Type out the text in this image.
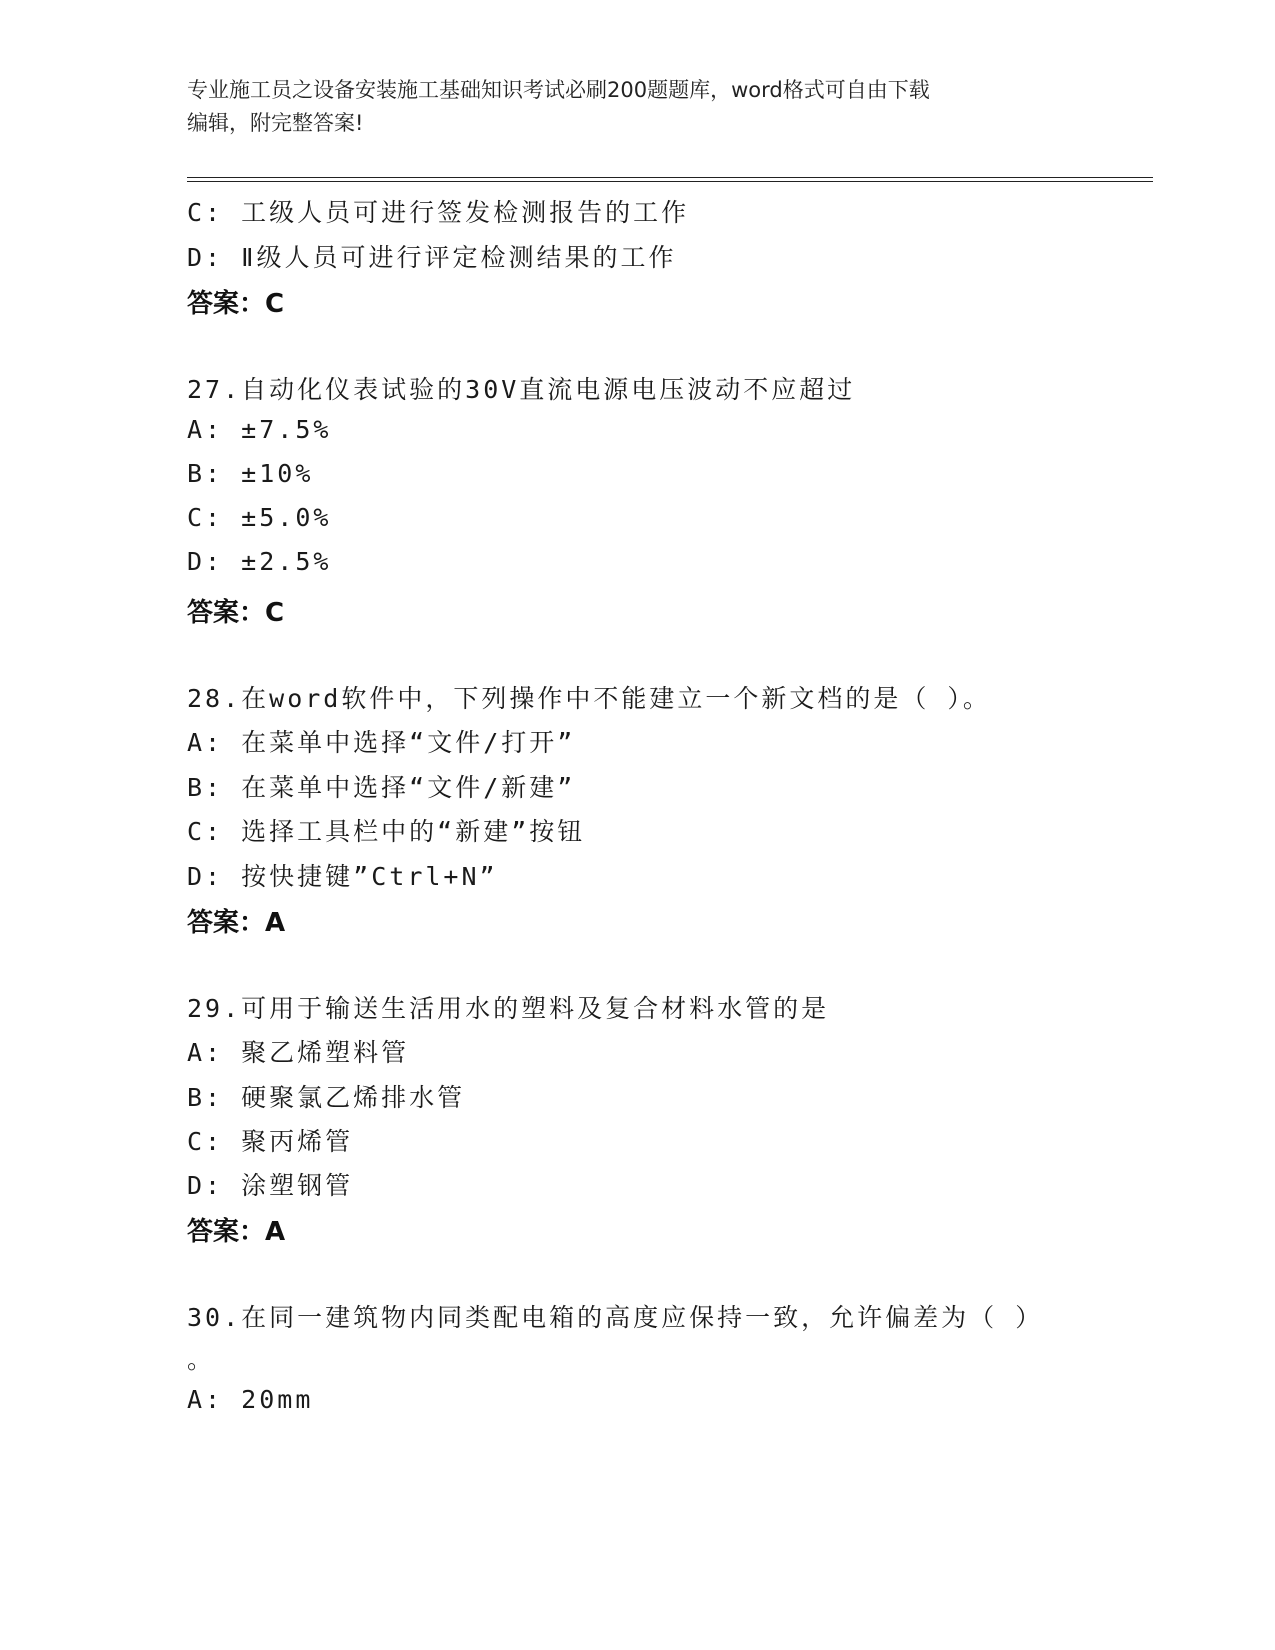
专业施工员之设备安装施工基础知识考试必刷200题题库，word格式可自由下载
编辑，附完整答案!
C: 工级人员可进行签发检测报告的工作
D: Ⅱ级人员可进行评定检测结果的工作
答案：C
27.自动化仪表试验的30V直流电源电压波动不应超过
A: ±7.5%
B: ±10%
C: ±5.0%
D: ±2.5%
答案：C
28.在word软件中，下列操作中不能建立一个新文档的是（ ）。
A: 在菜单中选择“文件/打开”
B: 在菜单中选择“文件/新建”
C: 选择工具栏中的“新建”按钮
D: 按快捷键”Ctrl+N”
答案：A
29.可用于输送生活用水的塑料及复合材料水管的是
A: 聚乙烯塑料管
B: 硬聚氯乙烯排水管
C: 聚丙烯管
D: 涂塑钢管
答案：A
30.在同一建筑物内同类配电箱的高度应保持一致，允许偏差为（ ）
。
A: 20mm
